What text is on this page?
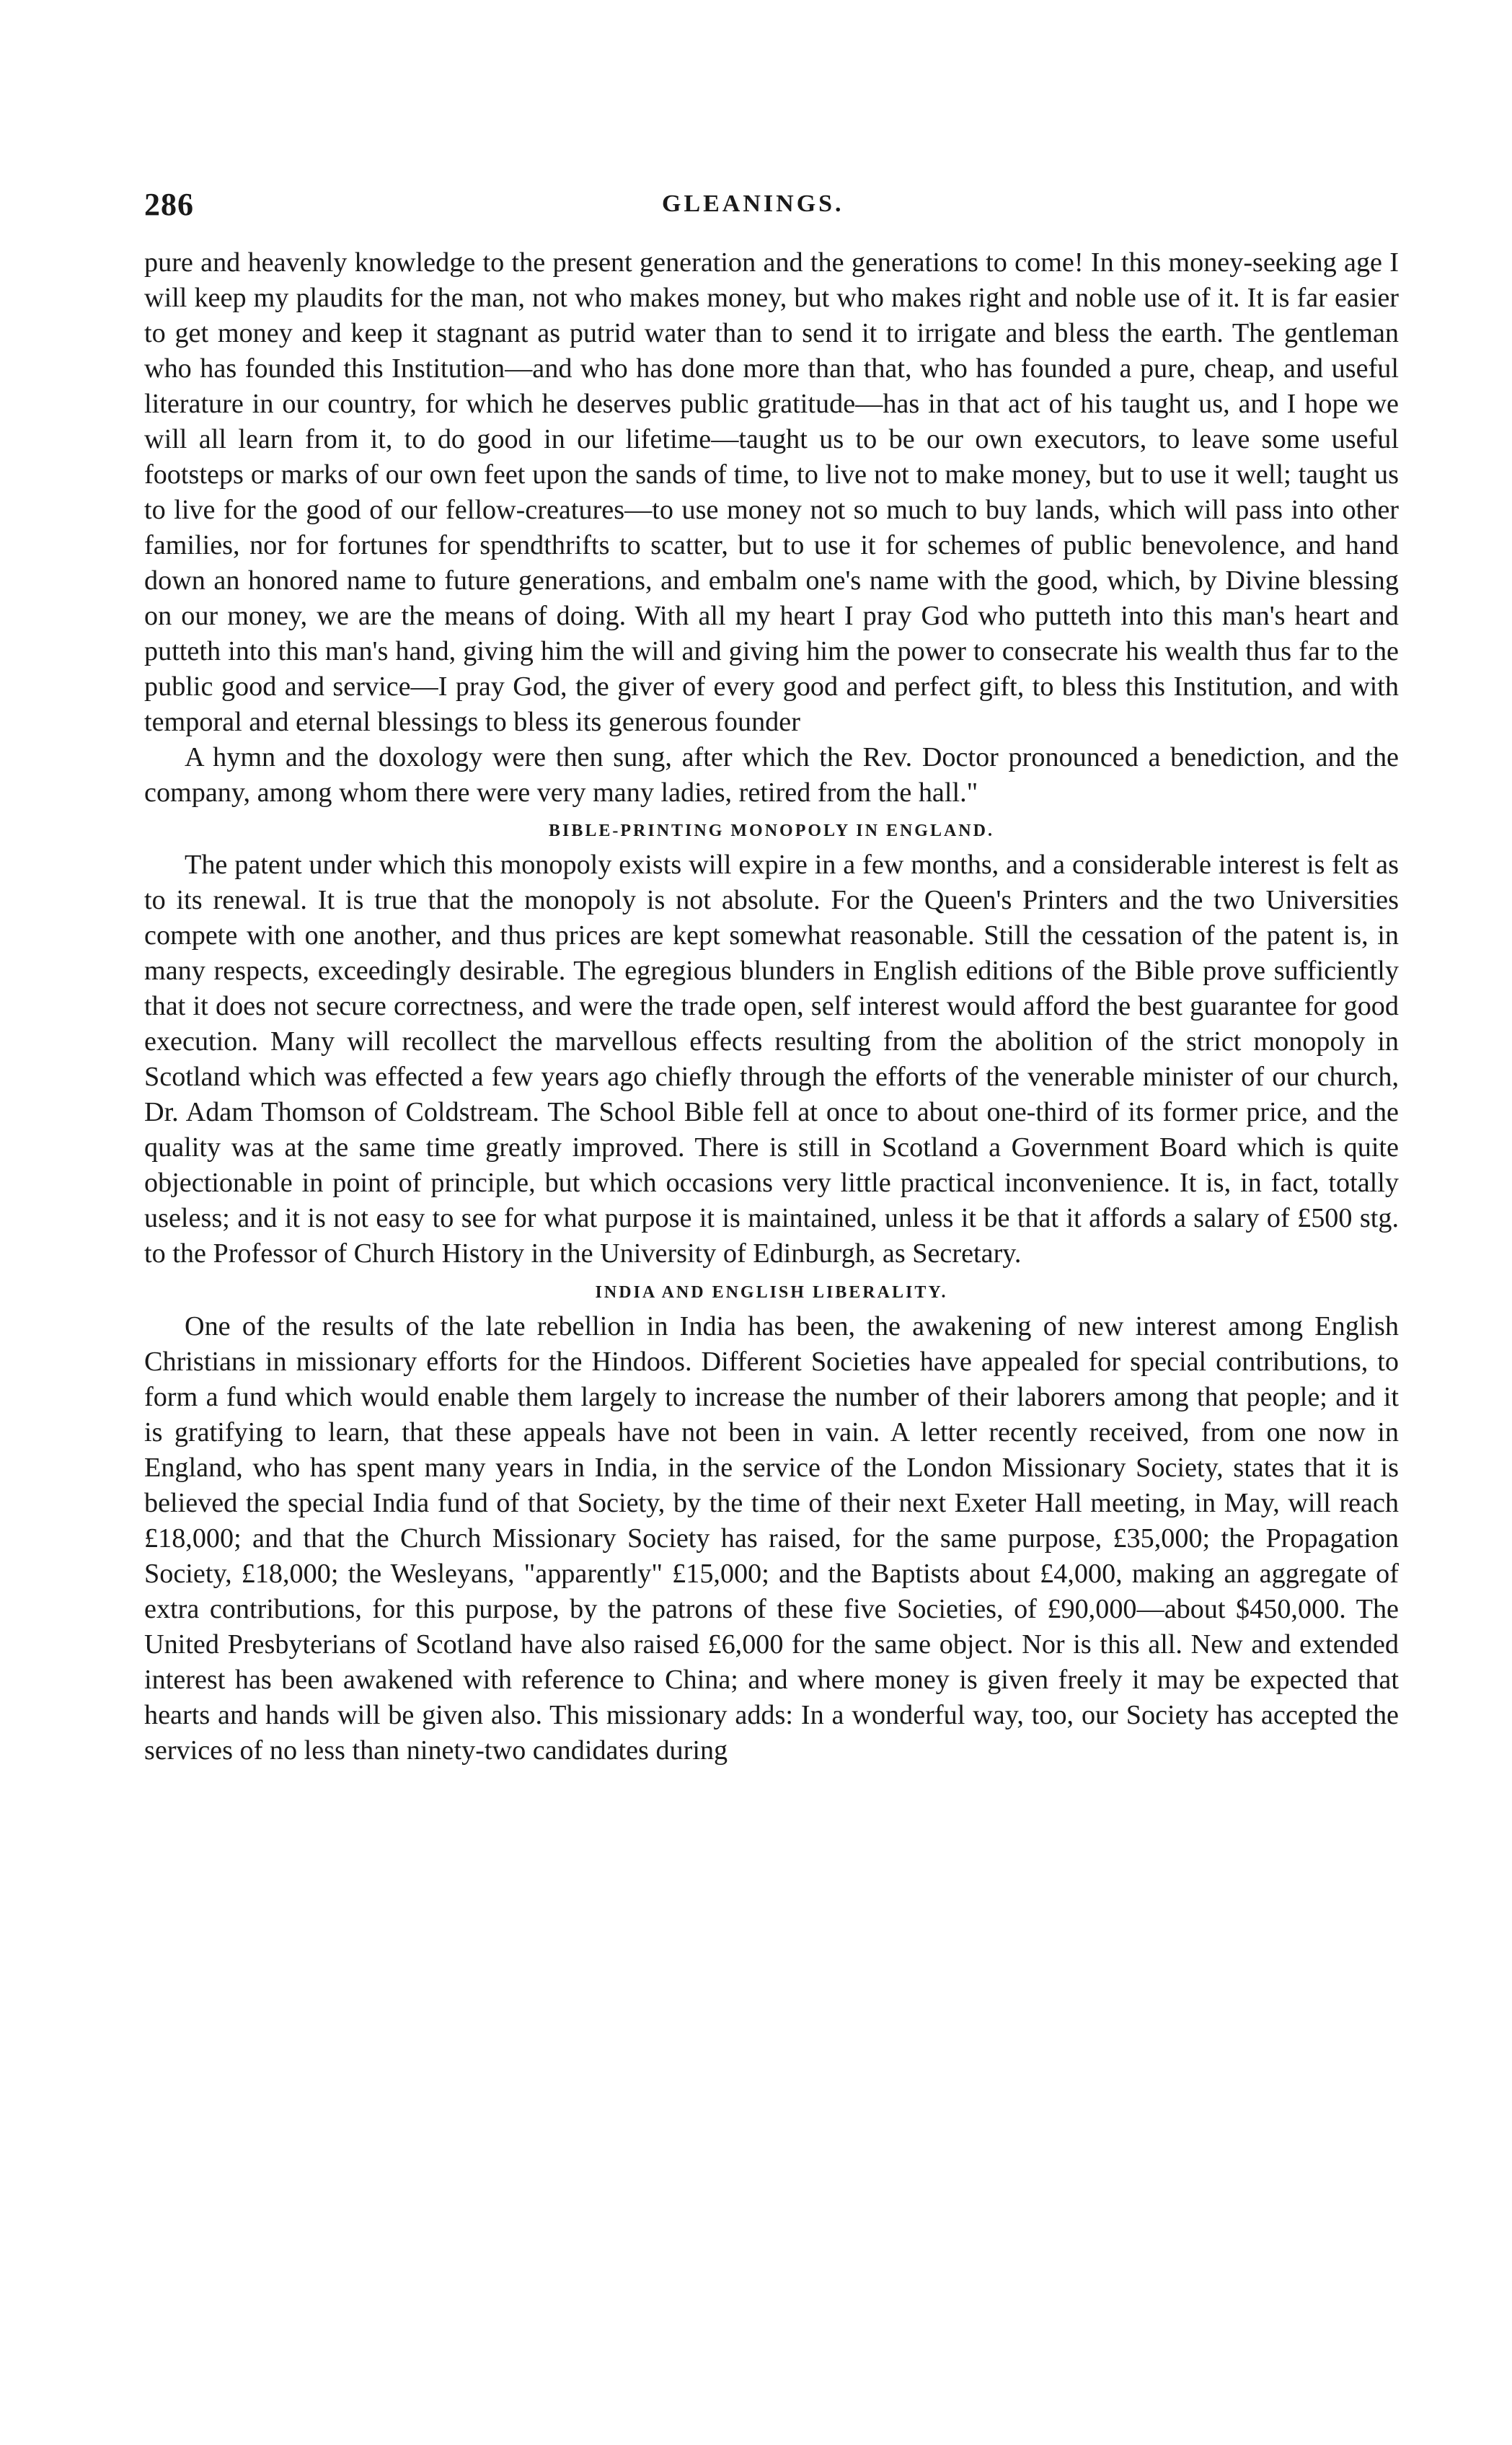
286	GLEANINGS.

pure and heavenly knowledge to the present generation and the generations to come! In this money-seeking age I will keep my plaudits for the man, not who makes money, but who makes right and noble use of it. It is far easier to get money and keep it stagnant as putrid water than to send it to irrigate and bless the earth. The gentleman who has founded this Institution—and who has done more than that, who has founded a pure, cheap, and useful literature in our country, for which he deserves public gratitude—has in that act of his taught us, and I hope we will all learn from it, to do good in our lifetime—taught us to be our own executors, to leave some useful footsteps or marks of our own feet upon the sands of time, to live not to make money, but to use it well; taught us to live for the good of our fellow-creatures—to use money not so much to buy lands, which will pass into other families, nor for fortunes for spendthrifts to scatter, but to use it for schemes of public benevolence, and hand down an honored name to future generations, and embalm one's name with the good, which, by Divine blessing on our money, we are the means of doing. With all my heart I pray God who putteth into this man's heart and putteth into this man's hand, giving him the will and giving him the power to consecrate his wealth thus far to the public good and service—I pray God, the giver of every good and perfect gift, to bless this Institution, and with temporal and eternal blessings to bless its generous founder

A hymn and the doxology were then sung, after which the Rev. Doctor pronounced a benediction, and the company, among whom there were very many ladies, retired from the hall."

BIBLE-PRINTING MONOPOLY IN ENGLAND.

The patent under which this monopoly exists will expire in a few months, and a considerable interest is felt as to its renewal. It is true that the monopoly is not absolute. For the Queen's Printers and the two Universities compete with one another, and thus prices are kept somewhat reasonable. Still the cessation of the patent is, in many respects, exceedingly desirable. The egregious blunders in English editions of the Bible prove sufficiently that it does not secure correctness, and were the trade open, self interest would afford the best guarantee for good execution. Many will recollect the marvellous effects resulting from the abolition of the strict monopoly in Scotland which was effected a few years ago chiefly through the efforts of the venerable minister of our church, Dr. Adam Thomson of Coldstream. The School Bible fell at once to about one-third of its former price, and the quality was at the same time greatly improved. There is still in Scotland a Government Board which is quite objectionable in point of principle, but which occasions very little practical inconvenience. It is, in fact, totally useless; and it is not easy to see for what purpose it is maintained, unless it be that it affords a salary of £500 stg. to the Professor of Church History in the University of Edinburgh, as Secretary.

INDIA AND ENGLISH LIBERALITY.

One of the results of the late rebellion in India has been, the awakening of new interest among English Christians in missionary efforts for the Hindoos. Different Societies have appealed for special contributions, to form a fund which would enable them largely to increase the number of their laborers among that people; and it is gratifying to learn, that these appeals have not been in vain. A letter recently received, from one now in England, who has spent many years in India, in the service of the London Missionary Society, states that it is believed the special India fund of that Society, by the time of their next Exeter Hall meeting, in May, will reach £18,000; and that the Church Missionary Society has raised, for the same purpose, £35,000; the Propagation Society, £18,000; the Wesleyans, "apparently" £15,000; and the Baptists about £4,000, making an aggregate of extra contributions, for this purpose, by the patrons of these five Societies, of £90,000—about $450,000. The United Presbyterians of Scotland have also raised £6,000 for the same object. Nor is this all. New and extended interest has been awakened with reference to China; and where money is given freely it may be expected that hearts and hands will be given also. This missionary adds: In a wonderful way, too, our Society has accepted the services of no less than ninety-two candidates during
